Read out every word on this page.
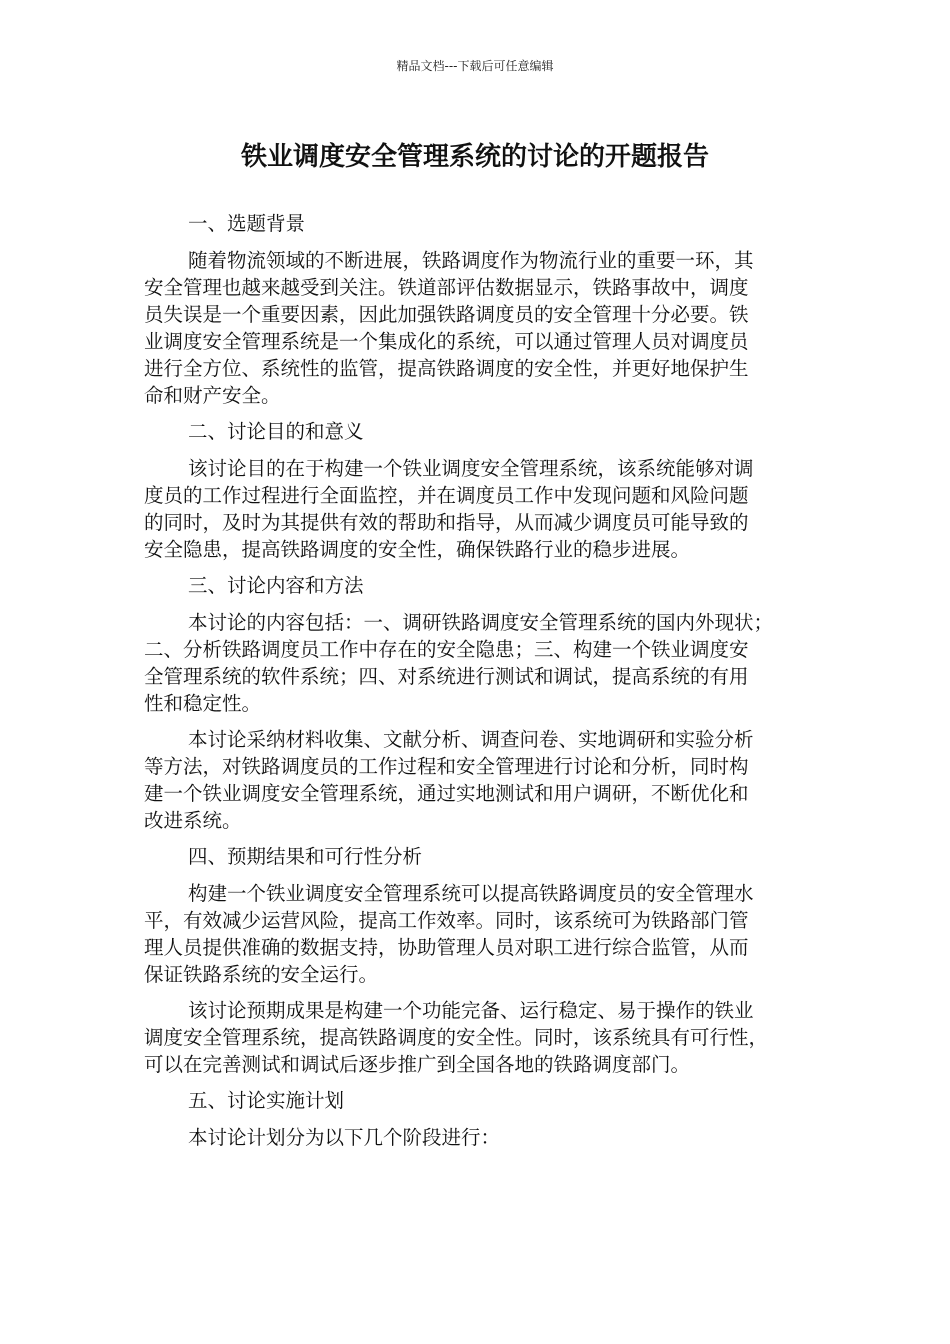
精品文档---下载后可任意编辑
铁业调度安全管理系统的讨论的开题报告
一、选题背景
随着物流领域的不断进展，铁路调度作为物流行业的重要一环，其
安全管理也越来越受到关注。铁道部评估数据显示，铁路事故中，调度
员失误是一个重要因素，因此加强铁路调度员的安全管理十分必要。铁
业调度安全管理系统是一个集成化的系统，可以通过管理人员对调度员
进行全方位、系统性的监管，提高铁路调度的安全性，并更好地保护生
命和财产安全。
二、讨论目的和意义
该讨论目的在于构建一个铁业调度安全管理系统，该系统能够对调
度员的工作过程进行全面监控，并在调度员工作中发现问题和风险问题
的同时，及时为其提供有效的帮助和指导，从而减少调度员可能导致的
安全隐患，提高铁路调度的安全性，确保铁路行业的稳步进展。
三、讨论内容和方法
本讨论的内容包括：一、调研铁路调度安全管理系统的国内外现状；
二、分析铁路调度员工作中存在的安全隐患；三、构建一个铁业调度安
全管理系统的软件系统；四、对系统进行测试和调试，提高系统的有用
性和稳定性。
本讨论采纳材料收集、文献分析、调查问卷、实地调研和实验分析
等方法，对铁路调度员的工作过程和安全管理进行讨论和分析，同时构
建一个铁业调度安全管理系统，通过实地测试和用户调研，不断优化和
改进系统。
四、预期结果和可行性分析
构建一个铁业调度安全管理系统可以提高铁路调度员的安全管理水
平，有效减少运营风险，提高工作效率。同时，该系统可为铁路部门管
理人员提供准确的数据支持，协助管理人员对职工进行综合监管，从而
保证铁路系统的安全运行。
该讨论预期成果是构建一个功能完备、运行稳定、易于操作的铁业
调度安全管理系统，提高铁路调度的安全性。同时，该系统具有可行性，
可以在完善测试和调试后逐步推广到全国各地的铁路调度部门。
五、讨论实施计划
本讨论计划分为以下几个阶段进行：
